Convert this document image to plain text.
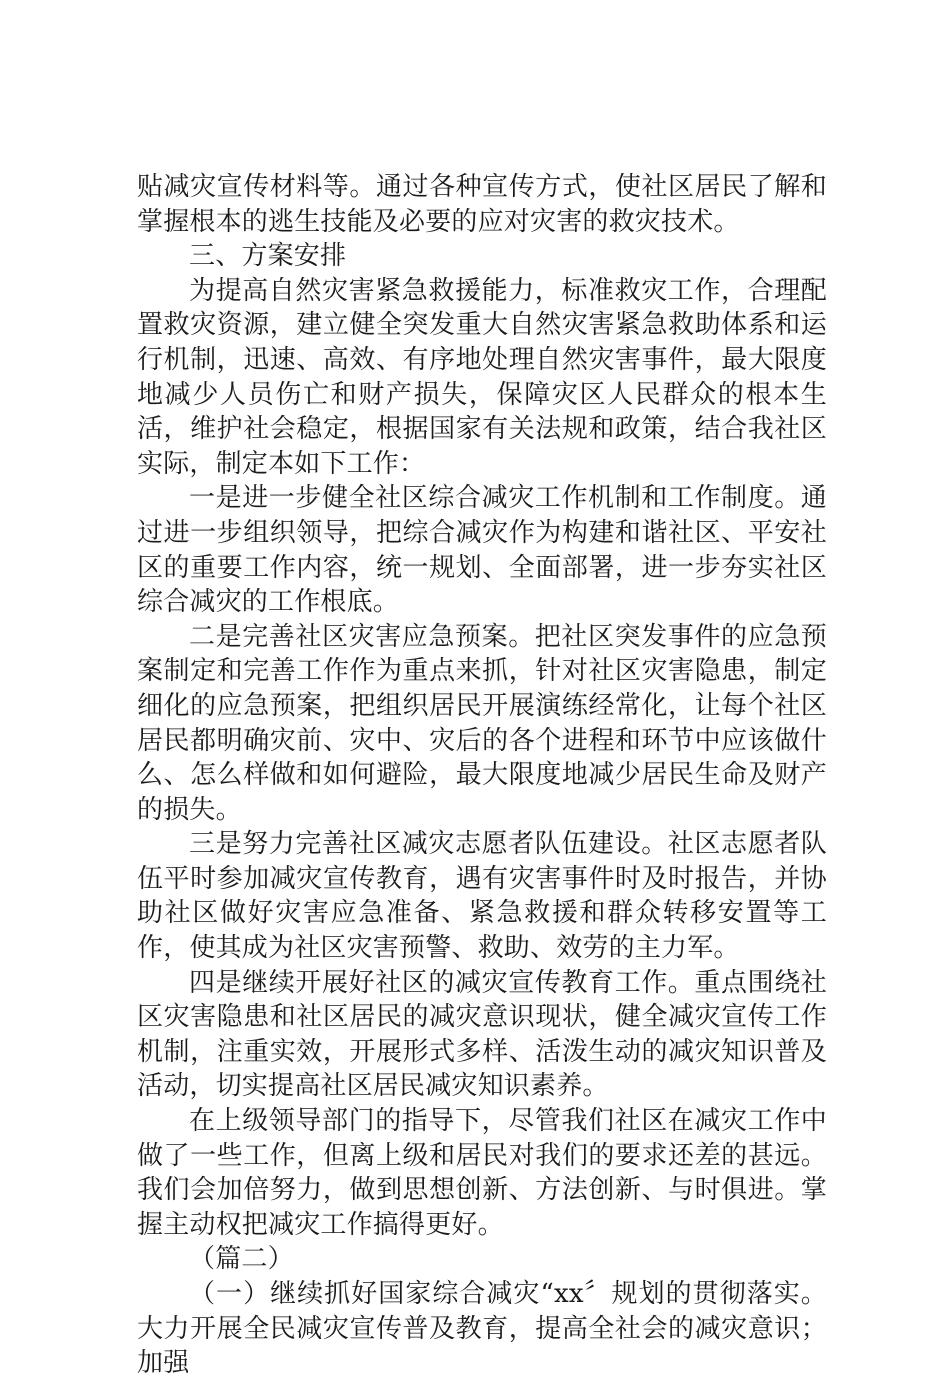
贴减灾宣传材料等。通过各种宣传方式，使社区居民了解和掌握根本的逃生技能及必要的应对灾害的救灾技术。

三、方案安排

为提高自然灾害紧急救援能力，标准救灾工作，合理配置救灾资源，建立健全突发重大自然灾害紧急救助体系和运行机制，迅速、高效、有序地处理自然灾害事件，最大限度地减少人员伤亡和财产损失，保障灾区人民群众的根本生活，维护社会稳定，根据国家有关法规和政策，结合我社区实际，制定本如下工作：

一是进一步健全社区综合减灾工作机制和工作制度。通过进一步组织领导，把综合减灾作为构建和谐社区、平安社区的重要工作内容，统一规划、全面部署，进一步夯实社区综合减灾的工作根底。

二是完善社区灾害应急预案。把社区突发事件的应急预案制定和完善工作作为重点来抓，针对社区灾害隐患，制定细化的应急预案，把组织居民开展演练经常化，让每个社区居民都明确灾前、灾中、灾后的各个进程和环节中应该做什么、怎么样做和如何避险，最大限度地减少居民生命及财产的损失。

三是努力完善社区减灾志愿者队伍建设。社区志愿者队伍平时参加减灾宣传教育，遇有灾害事件时及时报告，并协助社区做好灾害应急准备、紧急救援和群众转移安置等工作，使其成为社区灾害预警、救助、效劳的主力军。

四是继续开展好社区的减灾宣传教育工作。重点围绕社区灾害隐患和社区居民的减灾意识现状，健全减灾宣传工作机制，注重实效，开展形式多样、活泼生动的减灾知识普及活动，切实提高社区居民减灾知识素养。

在上级领导部门的指导下，尽管我们社区在减灾工作中做了一些工作，但离上级和居民对我们的要求还差的甚远。我们会加倍努力，做到思想创新、方法创新、与时俱进。掌握主动权把减灾工作搞得更好。

（篇二）

（一）继续抓好国家综合减灾“xx〞规划的贯彻落实。大力开展全民减灾宣传普及教育，提高全社会的减灾意识；加强
